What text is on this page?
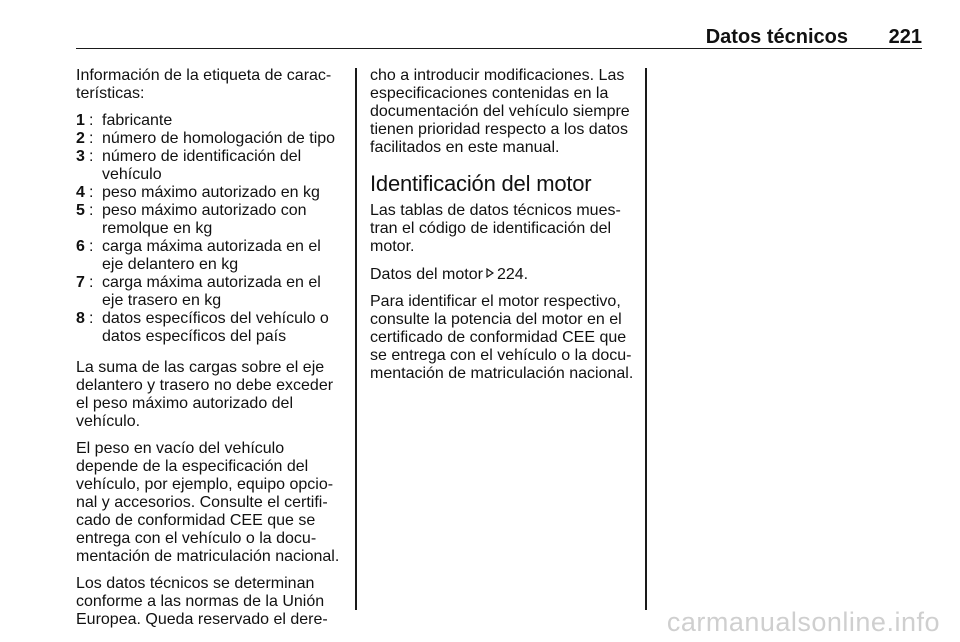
Datos técnicos 221

Información de la etiqueta de carac-
terísticas:

1 : fabricante
2 : número de homologación de tipo
3 : número de identificación del
vehículo
4 : peso máximo autorizado en kg
5 : peso máximo autorizado con
remolque en kg
6 : carga máxima autorizada en el
eje delantero en kg
7 : carga máxima autorizada en el
eje trasero en kg
8 : datos específicos del vehículo o
datos específicos del país

La suma de las cargas sobre el eje
delantero y trasero no debe exceder
el peso máximo autorizado del
vehículo.

El peso en vacío del vehículo
depende de la especificación del
vehículo, por ejemplo, equipo opcio-
nal y accesorios. Consulte el certifi-
cado de conformidad CEE que se
entrega con el vehículo o la docu-
mentación de matriculación nacional.

Los datos técnicos se determinan
conforme a las normas de la Unión
Europea. Queda reservado el dere-

cho a introducir modificaciones. Las
especificaciones contenidas en la
documentación del vehículo siempre
tienen prioridad respecto a los datos
facilitados en este manual.

Identificación del motor

Las tablas de datos técnicos mues-
tran el código de identificación del
motor.

Datos del motor 224.

Para identificar el motor respectivo,
consulte la potencia del motor en el
certificado de conformidad CEE que
se entrega con el vehículo o la docu-
mentación de matriculación nacional.

carmanualsonline.info
